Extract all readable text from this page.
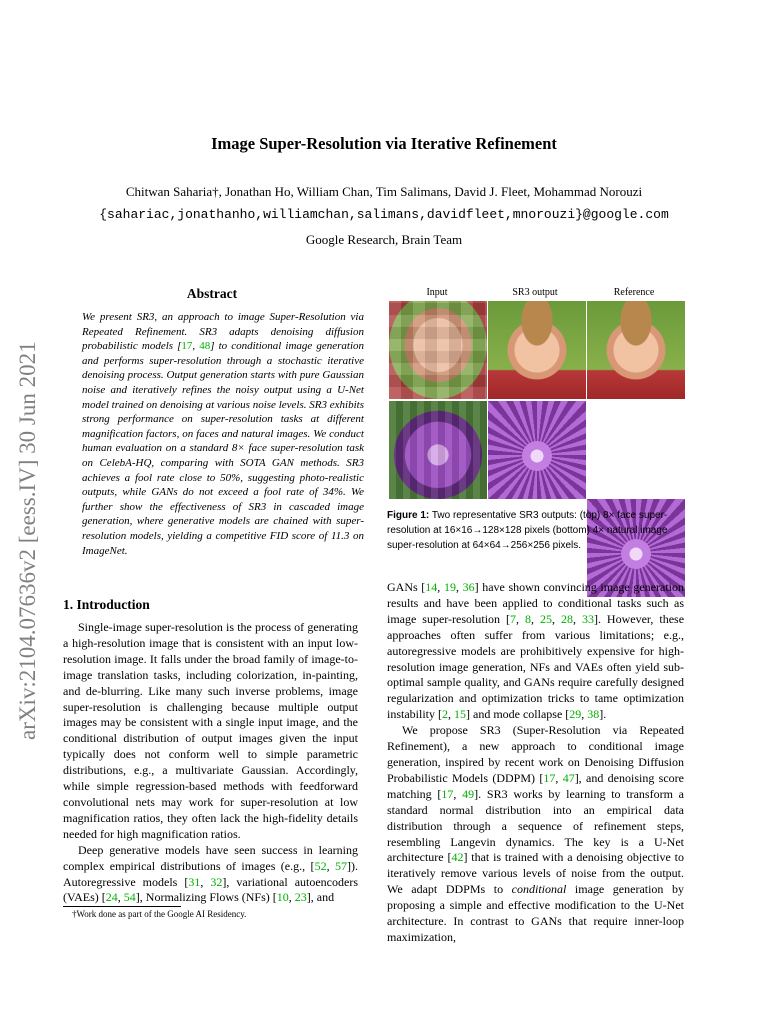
Image Super-Resolution via Iterative Refinement
Chitwan Saharia†, Jonathan Ho, William Chan, Tim Salimans, David J. Fleet, Mohammad Norouzi
{sahariac,jonathanho,williamchan,salimans,davidfleet,mnorouzi}@google.com
Google Research, Brain Team
arXiv:2104.07636v2 [eess.IV] 30 Jun 2021
Abstract
We present SR3, an approach to image Super-Resolution via Repeated Refinement. SR3 adapts denoising diffusion probabilistic models [17, 48] to conditional image generation and performs super-resolution through a stochastic iterative denoising process. Output generation starts with pure Gaussian noise and iteratively refines the noisy output using a U-Net model trained on denoising at various noise levels. SR3 exhibits strong performance on super-resolution tasks at different magnification factors, on faces and natural images. We conduct human evaluation on a standard 8× face super-resolution task on CelebA-HQ, comparing with SOTA GAN methods. SR3 achieves a fool rate close to 50%, suggesting photo-realistic outputs, while GANs do not exceed a fool rate of 34%. We further show the effectiveness of SR3 in cascaded image generation, where generative models are chained with super-resolution models, yielding a competitive FID score of 11.3 on ImageNet.
1. Introduction

Single-image super-resolution is the process of generating a high-resolution image that is consistent with an input low-resolution image. It falls under the broad family of image-to-image translation tasks, including colorization, in-painting, and de-blurring. Like many such inverse problems, image super-resolution is challenging because multiple output images may be consistent with a single input image, and the conditional distribution of output images given the input typically does not conform well to simple parametric distributions, e.g., a multivariate Gaussian. Accordingly, while simple regression-based methods with feedforward convolutional nets may work for super-resolution at low magnification ratios, they often lack the high-fidelity details needed for high magnification ratios.

Deep generative models have seen success in learning complex empirical distributions of images (e.g., [52, 57]). Autoregressive models [31, 32], variational autoencoders (VAEs) [24, 54], Normalizing Flows (NFs) [10, 23], and

†Work done as part of the Google AI Residency.
Input	SR3 output	Reference
Figure 1: Two representative SR3 outputs: (top) 8× face super-resolution at 16×16→128×128 pixels (bottom) 4× natural image super-resolution at 64×64→256×256 pixels.

GANs [14, 19, 36] have shown convincing image generation results and have been applied to conditional tasks such as image super-resolution [7, 8, 25, 28, 33]. However, these approaches often suffer from various limitations; e.g., autoregressive models are prohibitively expensive for high-resolution image generation, NFs and VAEs often yield sub-optimal sample quality, and GANs require carefully designed regularization and optimization tricks to tame optimization instability [2, 15] and mode collapse [29, 38].

We propose SR3 (Super-Resolution via Repeated Refinement), a new approach to conditional image generation, inspired by recent work on Denoising Diffusion Probabilistic Models (DDPM) [17, 47], and denoising score matching [17, 49]. SR3 works by learning to transform a standard normal distribution into an empirical data distribution through a sequence of refinement steps, resembling Langevin dynamics. The key is a U-Net architecture [42] that is trained with a denoising objective to iteratively remove various levels of noise from the output. We adapt DDPMs to conditional image generation by proposing a simple and effective modification to the U-Net architecture. In contrast to GANs that require inner-loop maximization,
